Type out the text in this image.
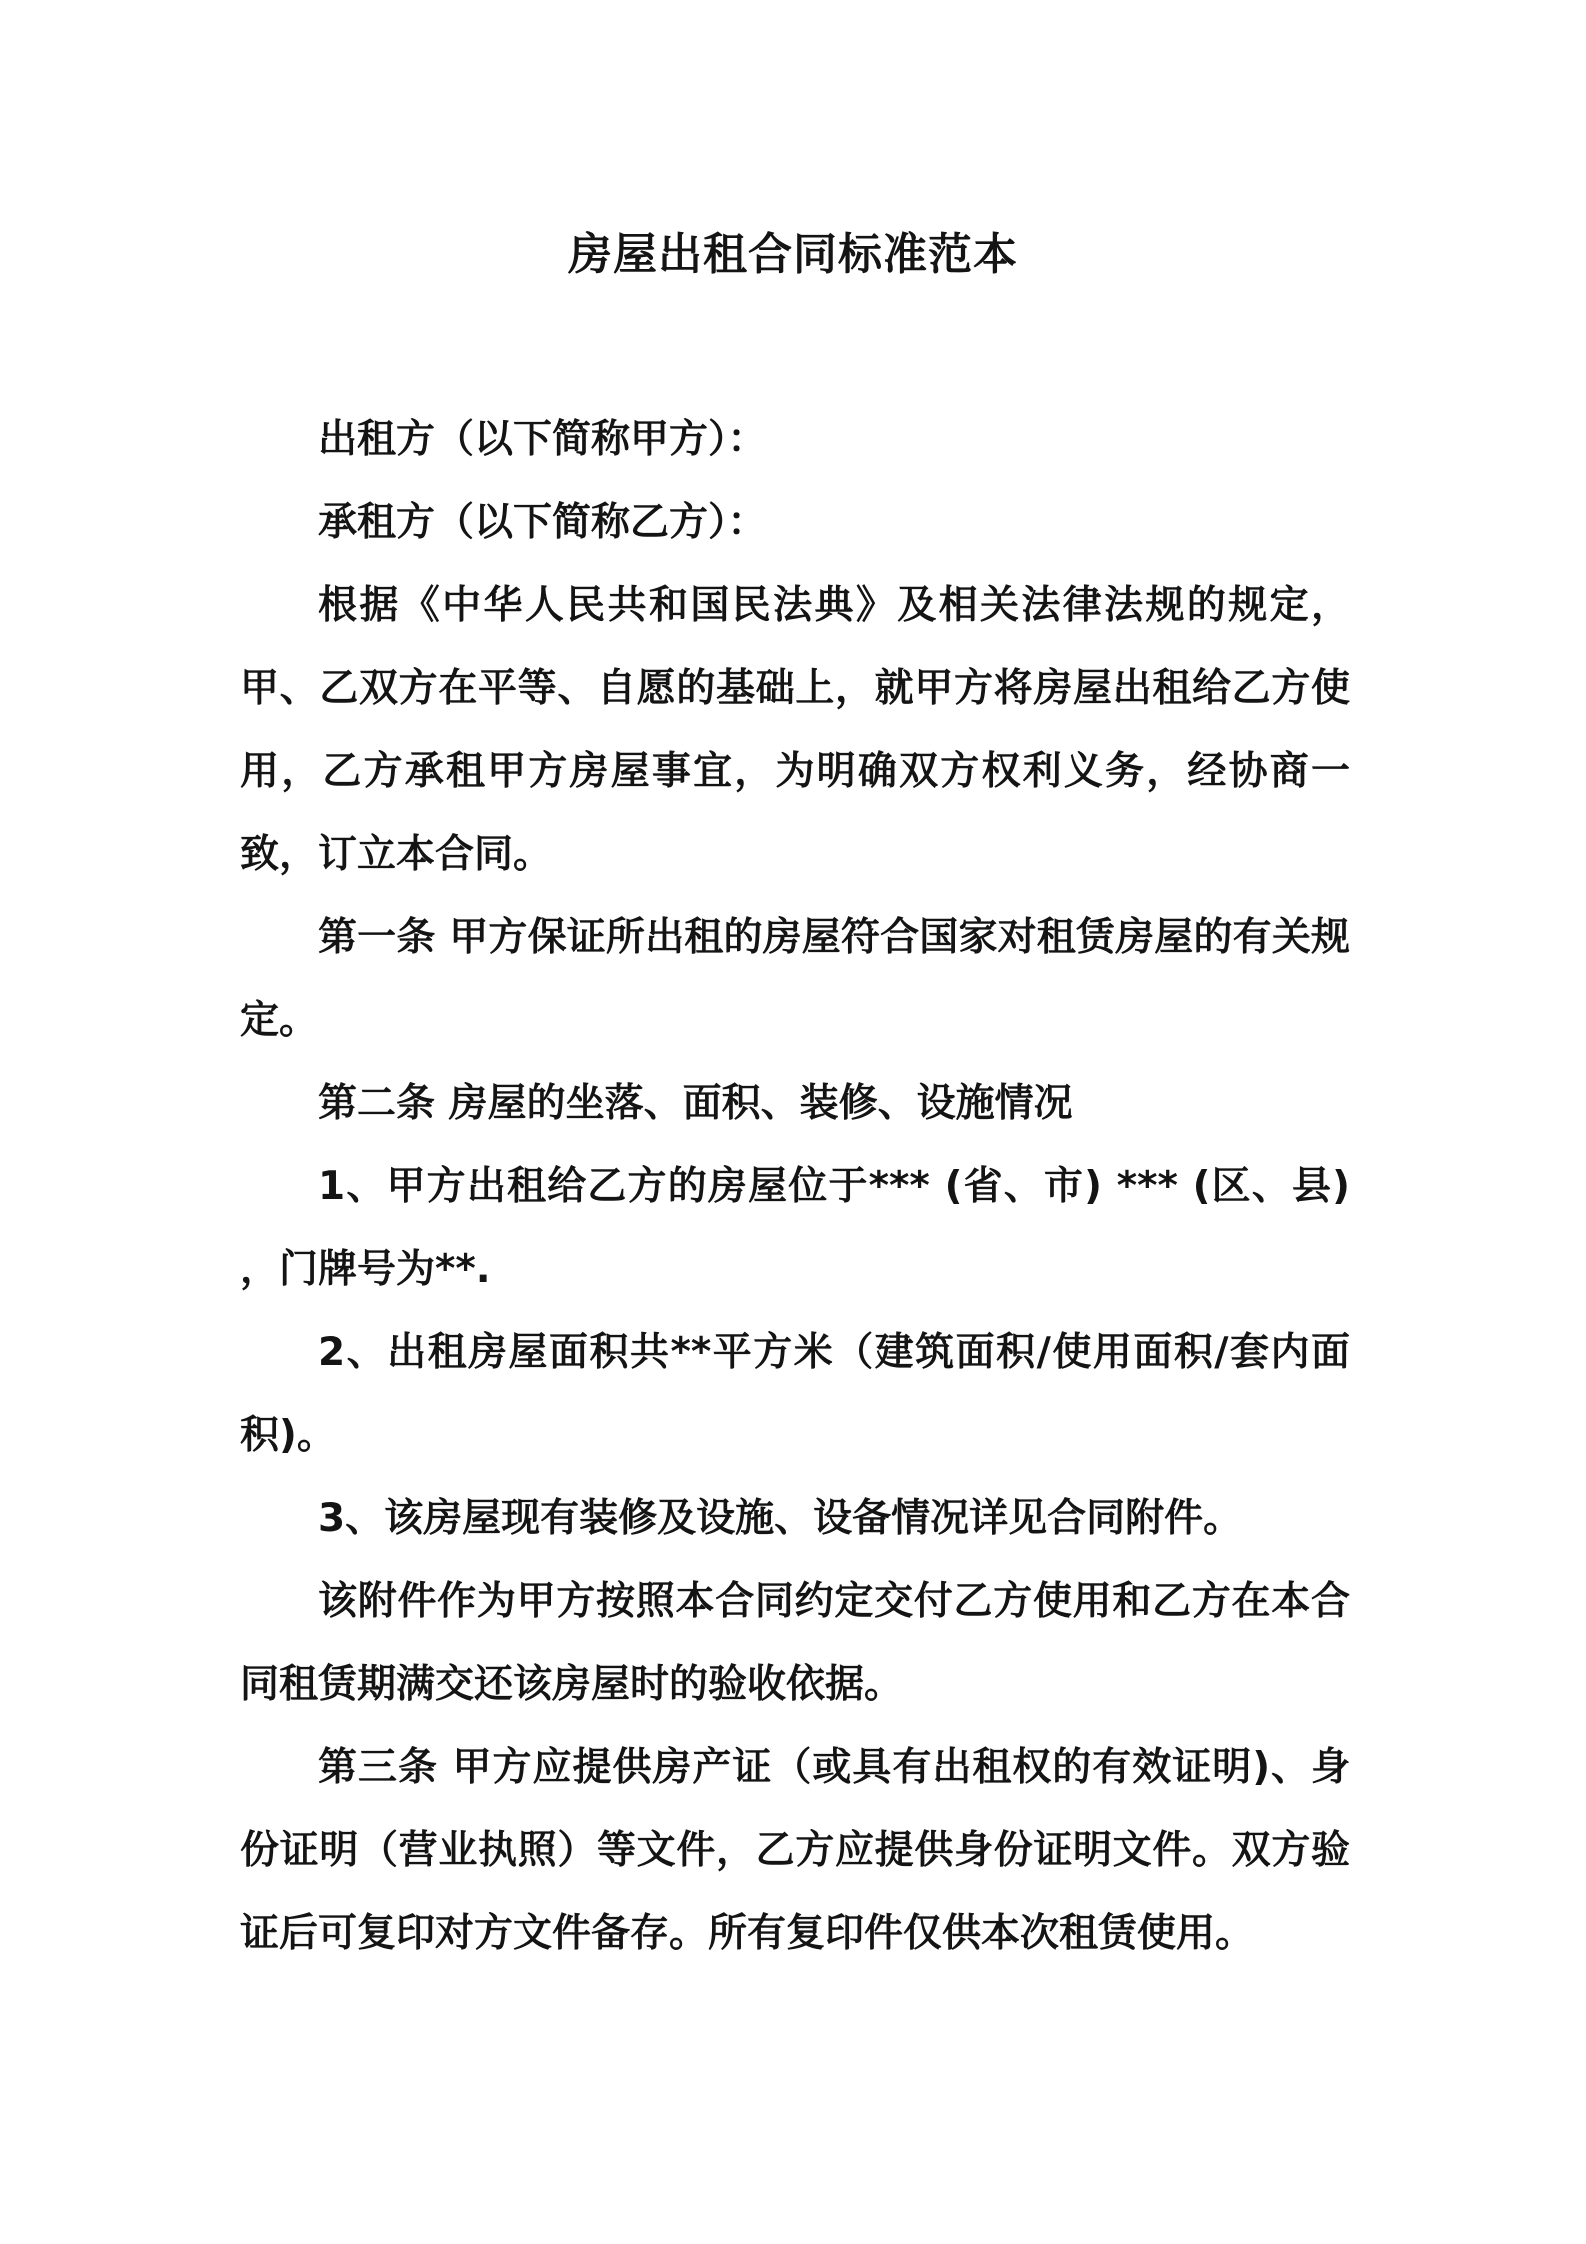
房屋出租合同标准范本

出租方（以下简称甲方）：

承租方（以下简称乙方）：

根据《中华人民共和国民法典》及相关法律法规的规定，甲、乙双方在平等、自愿的基础上，就甲方将房屋出租给乙方使用，乙方承租甲方房屋事宜，为明确双方权利义务，经协商一致，订立本合同。

第一条 甲方保证所出租的房屋符合国家对租赁房屋的有关规定。

第二条 房屋的坐落、面积、装修、设施情况

1、甲方出租给乙方的房屋位于*** (省、市) *** (区、县) ，门牌号为**.

2、出租房屋面积共**平方米（建筑面积/使用面积/套内面积)。

3、该房屋现有装修及设施、设备情况详见合同附件。

该附件作为甲方按照本合同约定交付乙方使用和乙方在本合同租赁期满交还该房屋时的验收依据。

第三条 甲方应提供房产证（或具有出租权的有效证明)、身份证明（营业执照）等文件，乙方应提供身份证明文件。双方验证后可复印对方文件备存。所有复印件仅供本次租赁使用。
